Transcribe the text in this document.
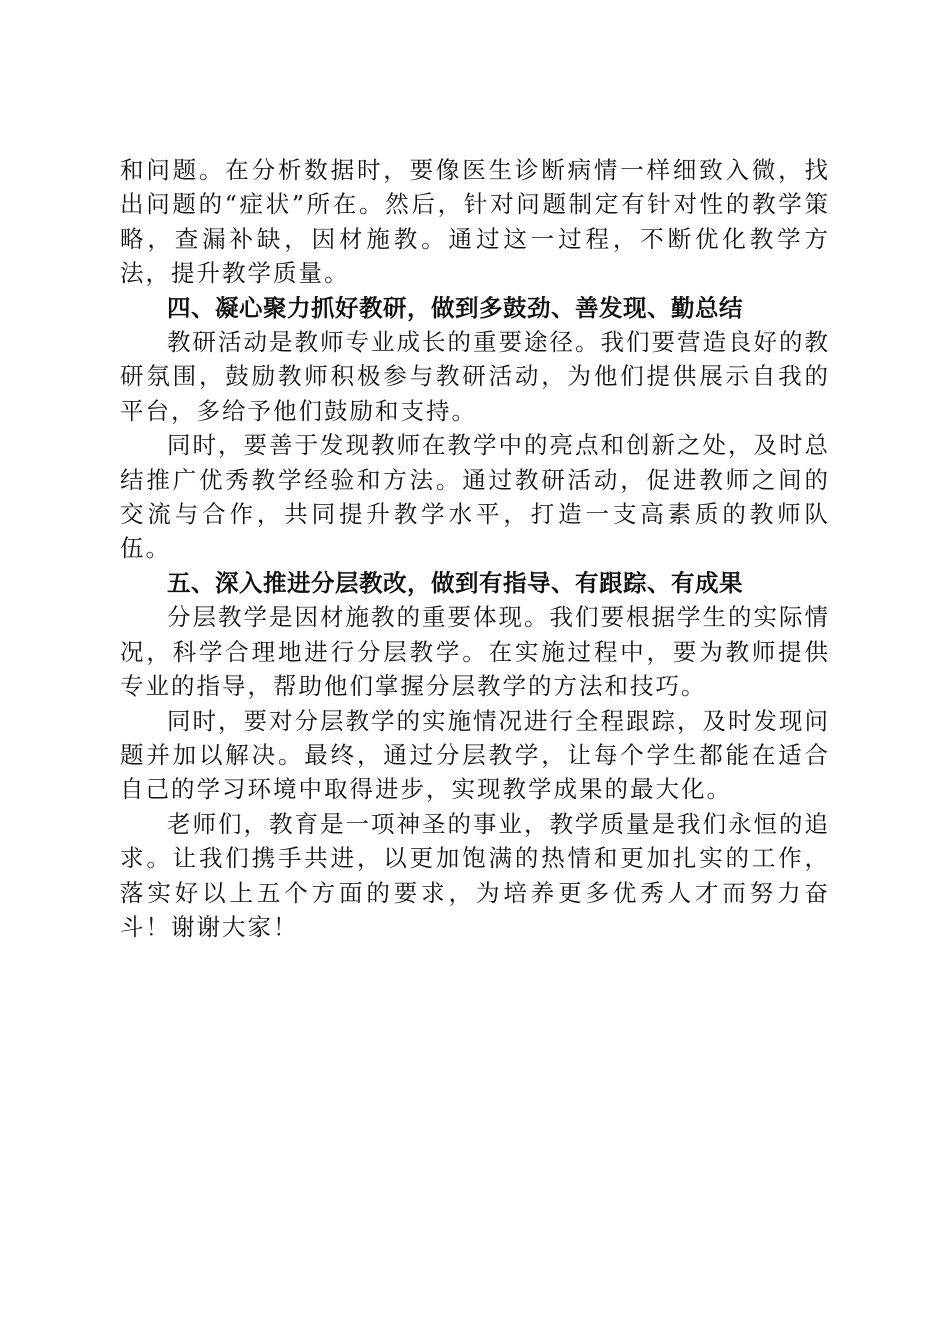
和问题。在分析数据时，要像医生诊断病情一样细致入微，找出问题的“症状”所在。然后，针对问题制定有针对性的教学策略，查漏补缺，因材施教。通过这一过程，不断优化教学方法，提升教学质量。

四、凝心聚力抓好教研，做到多鼓劲、善发现、勤总结

教研活动是教师专业成长的重要途径。我们要营造良好的教研氛围，鼓励教师积极参与教研活动，为他们提供展示自我的平台，多给予他们鼓励和支持。

同时，要善于发现教师在教学中的亮点和创新之处，及时总结推广优秀教学经验和方法。通过教研活动，促进教师之间的交流与合作，共同提升教学水平，打造一支高素质的教师队伍。

五、深入推进分层教改，做到有指导、有跟踪、有成果

分层教学是因材施教的重要体现。我们要根据学生的实际情况，科学合理地进行分层教学。在实施过程中，要为教师提供专业的指导，帮助他们掌握分层教学的方法和技巧。

同时，要对分层教学的实施情况进行全程跟踪，及时发现问题并加以解决。最终，通过分层教学，让每个学生都能在适合自己的学习环境中取得进步，实现教学成果的最大化。

老师们，教育是一项神圣的事业，教学质量是我们永恒的追求。让我们携手共进，以更加饱满的热情和更加扎实的工作，落实好以上五个方面的要求，为培养更多优秀人才而努力奋斗！谢谢大家！
